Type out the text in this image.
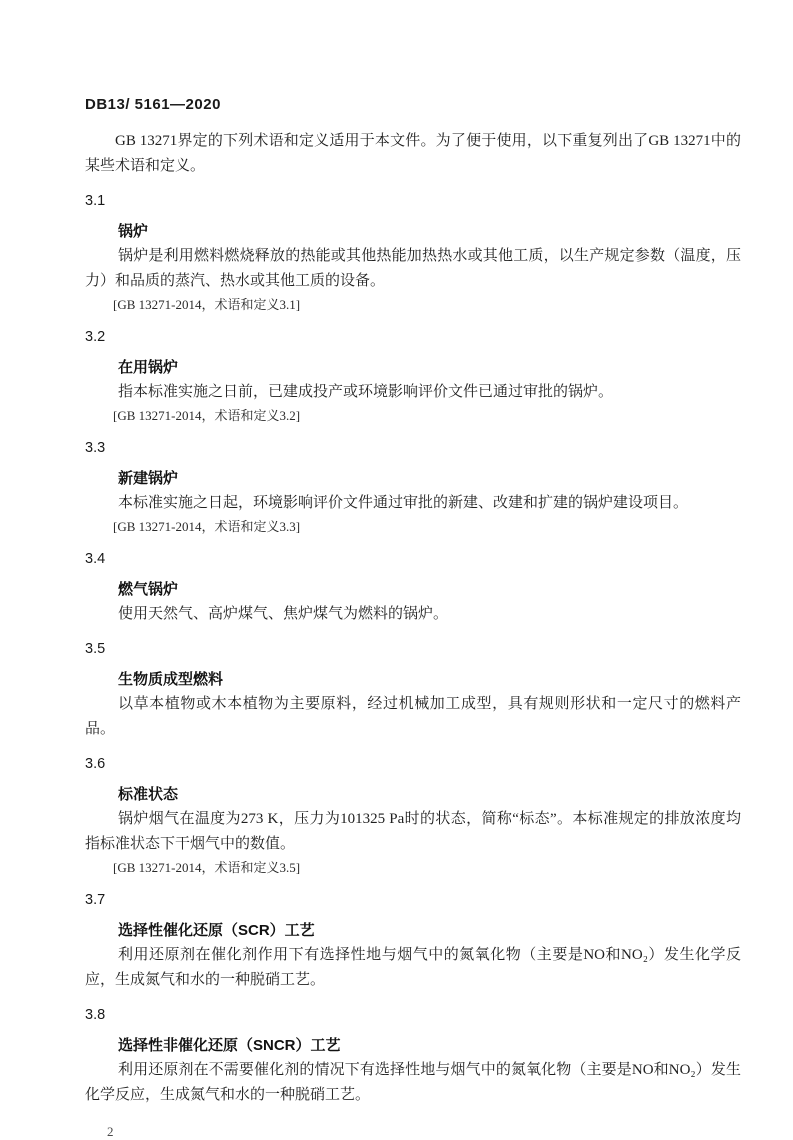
DB13/ 5161—2020
GB 13271界定的下列术语和定义适用于本文件。为了便于使用，以下重复列出了GB 13271中的某些术语和定义。
3.1
锅炉
锅炉是利用燃料燃烧释放的热能或其他热能加热热水或其他工质，以生产规定参数（温度，压力）和品质的蒸汽、热水或其他工质的设备。
[GB 13271-2014，术语和定义3.1]
3.2
在用锅炉
指本标准实施之日前，已建成投产或环境影响评价文件已通过审批的锅炉。
[GB 13271-2014，术语和定义3.2]
3.3
新建锅炉
本标准实施之日起，环境影响评价文件通过审批的新建、改建和扩建的锅炉建设项目。
[GB 13271-2014，术语和定义3.3]
3.4
燃气锅炉
使用天然气、高炉煤气、焦炉煤气为燃料的锅炉。
3.5
生物质成型燃料
以草本植物或木本植物为主要原料，经过机械加工成型，具有规则形状和一定尺寸的燃料产品。
3.6
标准状态
锅炉烟气在温度为273 K，压力为101325 Pa时的状态，简称“标态”。本标准规定的排放浓度均指标准状态下干烟气中的数值。
[GB 13271-2014，术语和定义3.5]
3.7
选择性催化还原（SCR）工艺
利用还原剂在催化剂作用下有选择性地与烟气中的氮氧化物（主要是NO和NO₂）发生化学反应，生成氮气和水的一种脱硝工艺。
3.8
选择性非催化还原（SNCR）工艺
利用还原剂在不需要催化剂的情况下有选择性地与烟气中的氮氧化物（主要是NO和NO₂）发生化学反应，生成氮气和水的一种脱硝工艺。
2
